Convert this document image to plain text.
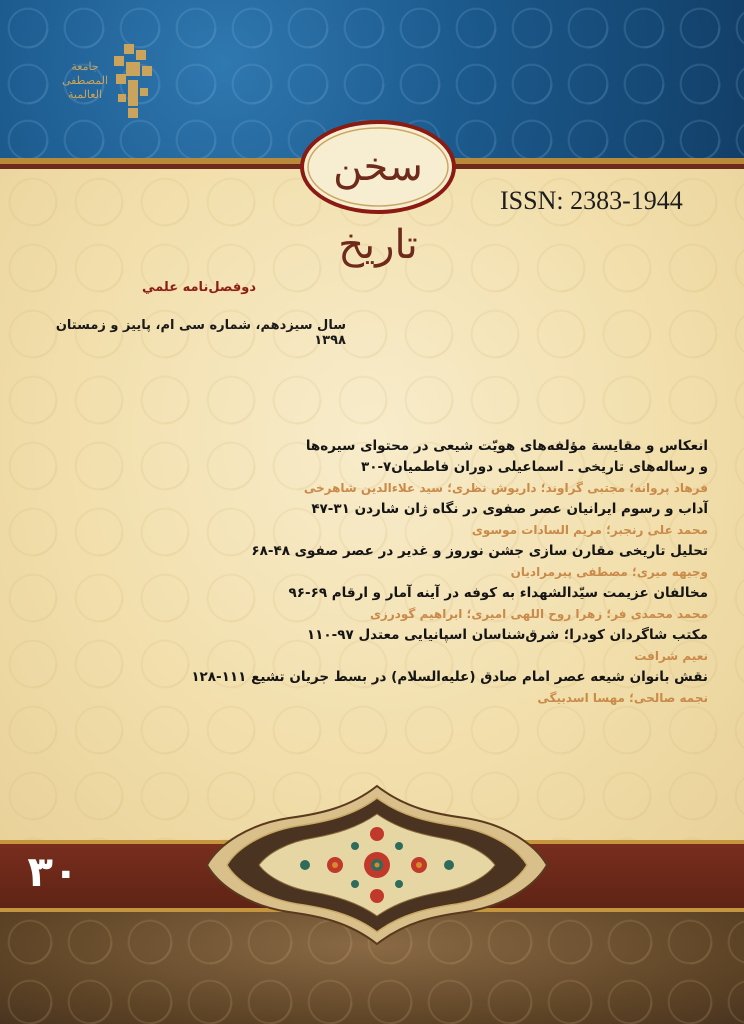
جامعة
المصطفى
العالمية
سخن تاریخ
ISSN: 2383-1944
دوفصل‌نامه علمي
سال سيزدهم، شماره سی ام، پاییز و زمستان ۱۳۹۸

انعکاس و مقایسة مؤلفه‌های هویّت شیعی در محتوای سیره‌ها

و رساله‌های تاریخی ـ اسماعیلی دوران فاطمیان۷-۳۰

فرهاد پروانه؛ مجتبی گراوند؛ داریوش نظری؛ سید علاءالدین شاهرخی

آداب و رسوم ایرانیان عصر صفوی در نگاه ژان شاردن ۳۱-۴۷

محمد علی رنجبر؛ مریم السادات موسوی

تحلیل تاریخی مقارن سازی جشن نوروز و غدیر در عصر صفوی ۴۸-۶۸

وجیهه میری؛ مصطفی پیرمرادیان

مخالفان عزیمت سیّدالشهداء به کوفه در آینه آمار و ارقام ۶۹-۹۶

محمد محمدی فر؛ زهرا روح اللهی امیری؛ ابراهیم گودرزی

مکتب شاگردان کودرا؛ شرق‌شناسان اسپانیایی معتدل ۹۷-۱۱۰

نعیم شرافت

نقش بانوان شیعه عصر امام صادق (علیه‌السلام) در بسط جریان تشیع ۱۱۱-۱۲۸

نجمه صالحی؛ مهسا اسدبیگی

۳۰
